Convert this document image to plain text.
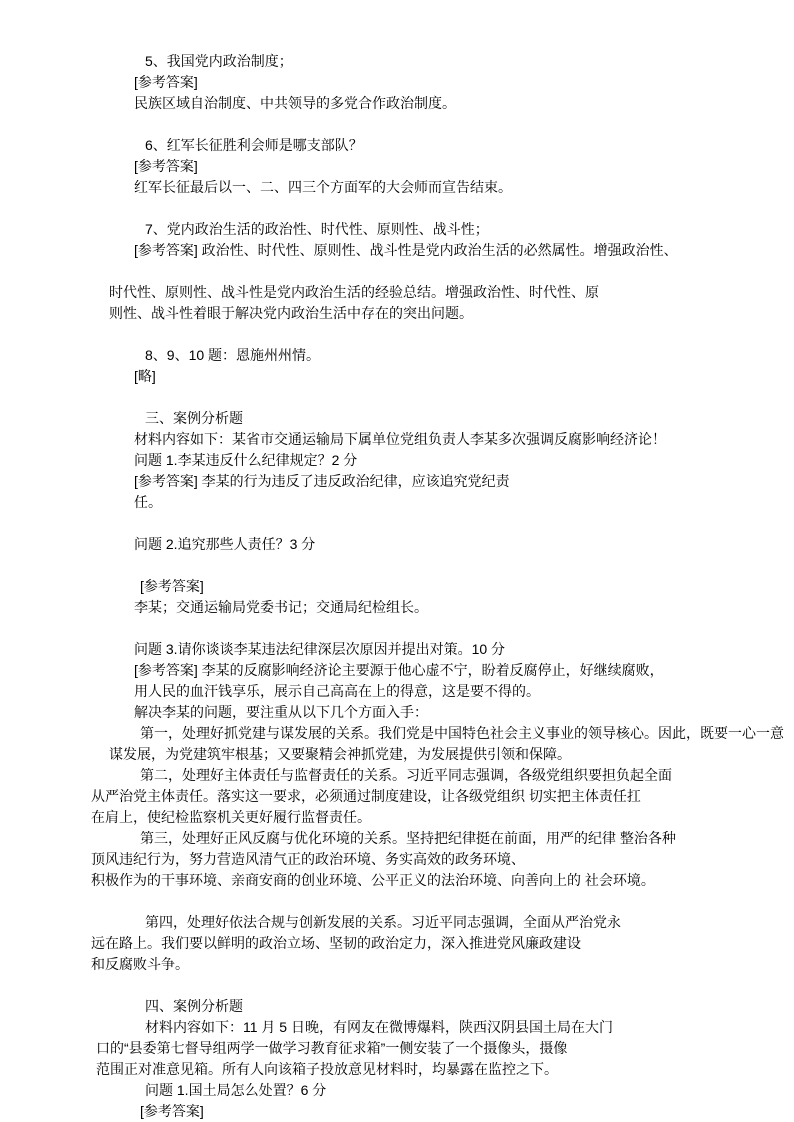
5、我国党内政治制度；
[参考答案]
民族区域自治制度、中共领导的多党合作政治制度。

6、红军长征胜利会师是哪支部队？
[参考答案]
红军长征最后以一、二、四三个方面军的大会师而宣告结束。

7、党内政治生活的政治性、时代性、原则性、战斗性；
[参考答案] 政治性、时代性、原则性、战斗性是党内政治生活的必然属性。增强政治性、

时代性、原则性、战斗性是党内政治生活的经验总结。增强政治性、时代性、原
则性、战斗性着眼于解决党内政治生活中存在的突出问题。

8、9、10 题：恩施州州情。
[略]

三、案例分析题
材料内容如下：某省市交通运输局下属单位党组负责人李某多次强调反腐影响经济论！
问题 1.李某违反什么纪律规定？2 分
[参考答案] 李某的行为违反了违反政治纪律，应该追究党纪责
任。

问题 2.追究那些人责任？3 分

[参考答案]
李某；交通运输局党委书记；交通局纪检组长。

问题 3.请你谈谈李某违法纪律深层次原因并提出对策。10 分
[参考答案] 李某的反腐影响经济论主要源于他心虚不宁，盼着反腐停止，好继续腐败，
用人民的血汗钱享乐，展示自己高高在上的得意，这是要不得的。
解决李某的问题，要注重从以下几个方面入手：
第一，处理好抓党建与谋发展的关系。我们党是中国特色社会主义事业的领导核心。因此，既要一心一意
谋发展，为党建筑牢根基；又要聚精会神抓党建，为发展提供引领和保障。
第二，处理好主体责任与监督责任的关系。习近平同志强调，各级党组织要担负起全面
从严治党主体责任。落实这一要求，必须通过制度建设，让各级党组织 切实把主体责任扛
在肩上，使纪检监察机关更好履行监督责任。
第三，处理好正风反腐与优化环境的关系。坚持把纪律挺在前面，用严的纪律 整治各种
顶风违纪行为，努力营造风清气正的政治环境、务实高效的政务环境、
积极作为的干事环境、亲商安商的创业环境、公平正义的法治环境、向善向上的 社会环境。

第四，处理好依法合规与创新发展的关系。习近平同志强调，全面从严治党永
远在路上。我们要以鲜明的政治立场、坚韧的政治定力，深入推进党风廉政建设
和反腐败斗争。

四、案例分析题
材料内容如下：11 月 5 日晚，有网友在微博爆料，陕西汉阴县国土局在大门
口的“县委第七督导组两学一做学习教育征求箱”一侧安装了一个摄像头，摄像
范围正对准意见箱。所有人向该箱子投放意见材料时，均暴露在监控之下。
问题 1.国土局怎么处置？6 分
[参考答案]
